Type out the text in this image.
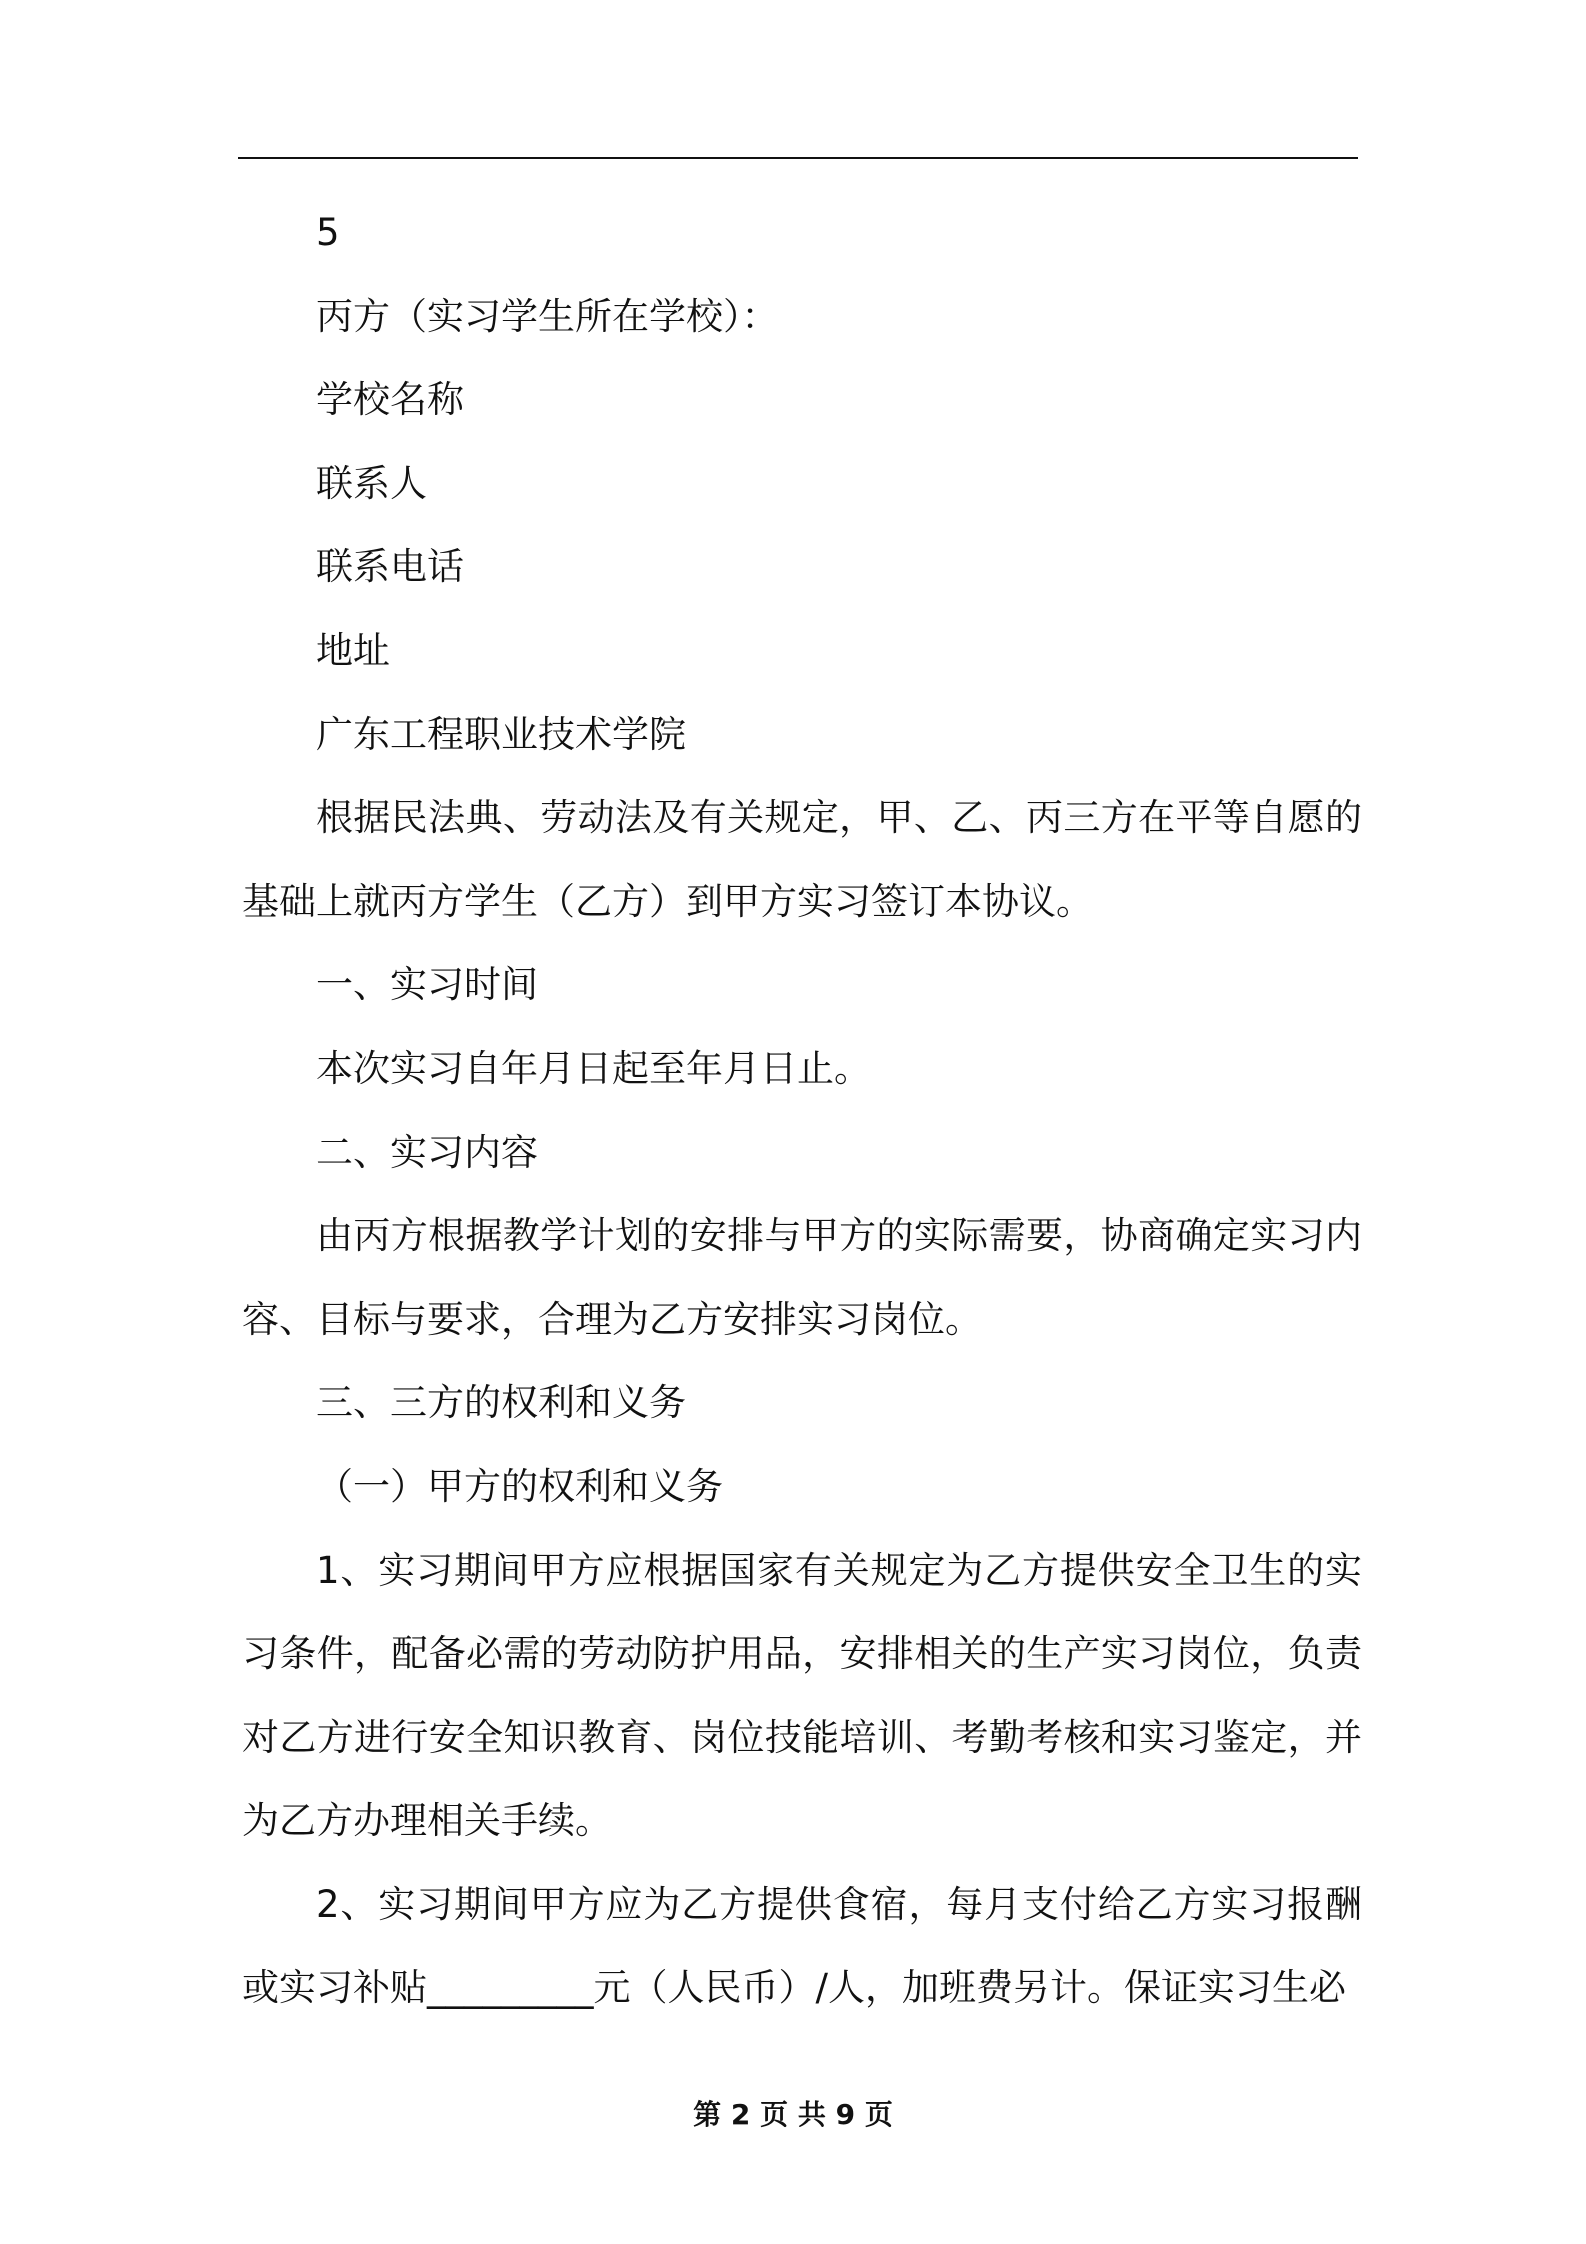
5

丙方（实习学生所在学校）：

学校名称

联系人

联系电话

地址

广东工程职业技术学院

根据民法典、劳动法及有关规定，甲、乙、丙三方在平等自愿的基础上就丙方学生（乙方）到甲方实习签订本协议。

一、实习时间

本次实习自年月日起至年月日止。

二、实习内容

由丙方根据教学计划的安排与甲方的实际需要，协商确定实习内容、目标与要求，合理为乙方安排实习岗位。

三、三方的权利和义务

（一）甲方的权利和义务

1、实习期间甲方应根据国家有关规定为乙方提供安全卫生的实习条件，配备必需的劳动防护用品，安排相关的生产实习岗位，负责对乙方进行安全知识教育、岗位技能培训、考勤考核和实习鉴定，并为乙方办理相关手续。

2、实习期间甲方应为乙方提供食宿，每月支付给乙方实习报酬或实习补贴_________元（人民币）/人，加班费另计。保证实习生必

第 2 页 共 9 页
